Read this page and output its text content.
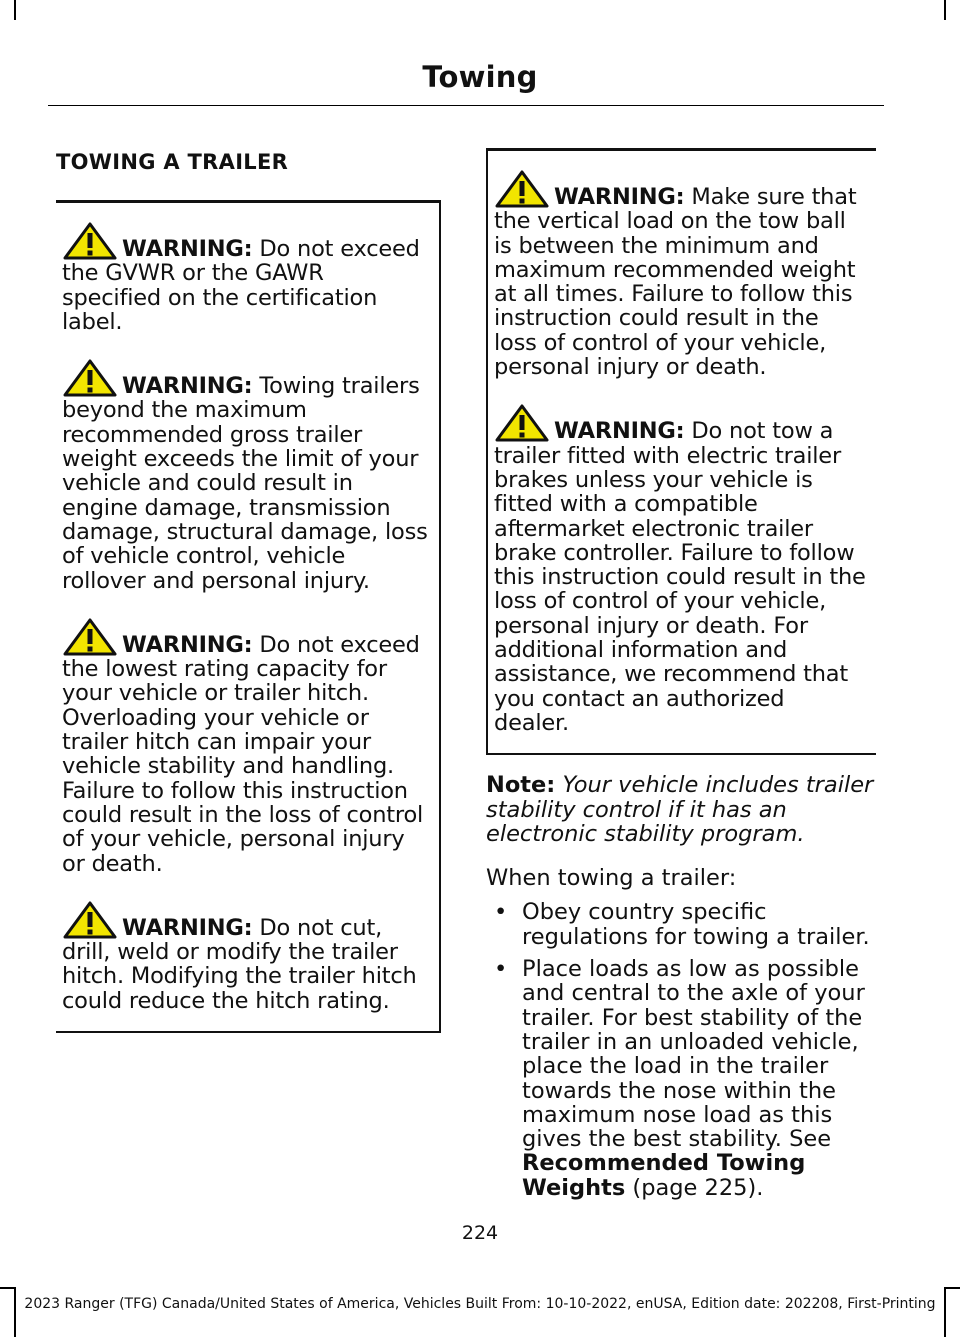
Towing
TOWING A TRAILER
WARNING: Do not exceed the GVWR or the GAWR specified on the certification label.
WARNING: Towing trailers beyond the maximum recommended gross trailer weight exceeds the limit of your vehicle and could result in engine damage, transmission damage, structural damage, loss of vehicle control, vehicle rollover and personal injury.
WARNING: Do not exceed the lowest rating capacity for your vehicle or trailer hitch. Overloading your vehicle or trailer hitch can impair your vehicle stability and handling. Failure to follow this instruction could result in the loss of control of your vehicle, personal injury or death.
WARNING: Do not cut, drill, weld or modify the trailer hitch. Modifying the trailer hitch could reduce the hitch rating.
WARNING: Make sure that the vertical load on the tow ball is between the minimum and maximum recommended weight at all times. Failure to follow this instruction could result in the loss of control of your vehicle, personal injury or death.
WARNING: Do not tow a trailer fitted with electric trailer brakes unless your vehicle is fitted with a compatible aftermarket electronic trailer brake controller. Failure to follow this instruction could result in the loss of control of your vehicle, personal injury or death. For additional information and assistance, we recommend that you contact an authorized dealer.
Note: Your vehicle includes trailer stability control if it has an electronic stability program.
When towing a trailer:
• Obey country specific regulations for towing a trailer.
• Place loads as low as possible and central to the axle of your trailer. For best stability of the trailer in an unloaded vehicle, place the load in the trailer towards the nose within the maximum nose load as this gives the best stability. See Recommended Towing Weights (page 225).
224
2023 Ranger (TFG) Canada/United States of America, Vehicles Built From: 10-10-2022, enUSA, Edition date: 202208, First-Printing
